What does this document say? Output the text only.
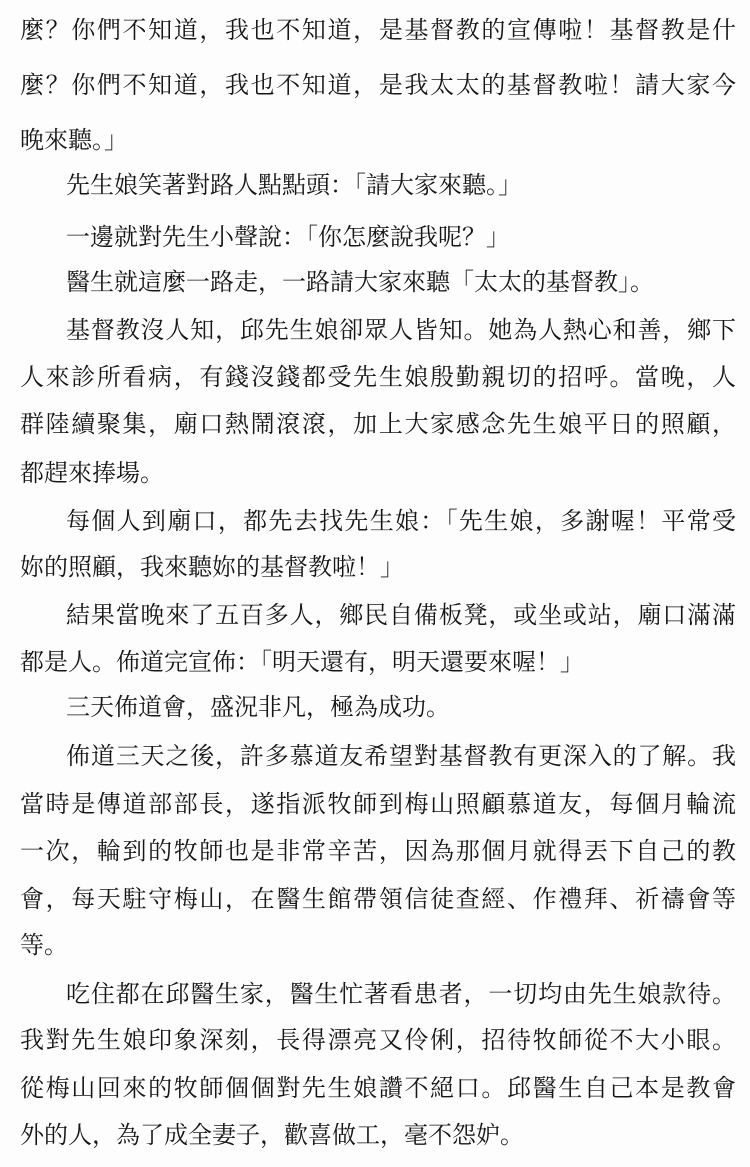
麼？你們不知道，我也不知道，是基督教的宣傳啦！基督教是什
麼？你們不知道，我也不知道，是我太太的基督教啦！請大家今
晚來聽。」
先生娘笑著對路人點點頭：「請大家來聽。」
一邊就對先生小聲說：「你怎麼說我呢？」
醫生就這麼一路走，一路請大家來聽「太太的基督教」。
基督教沒人知，邱先生娘卻眾人皆知。她為人熱心和善，鄉下
人來診所看病，有錢沒錢都受先生娘殷勤親切的招呼。當晚，人
群陸續聚集，廟口熱鬧滾滾，加上大家感念先生娘平日的照顧，
都趕來捧場。
每個人到廟口，都先去找先生娘：「先生娘，多謝喔！平常受
妳的照顧，我來聽妳的基督教啦！」
結果當晚來了五百多人，鄉民自備板凳，或坐或站，廟口滿滿
都是人。佈道完宣佈：「明天還有，明天還要來喔！」
三天佈道會，盛況非凡，極為成功。
佈道三天之後，許多慕道友希望對基督教有更深入的了解。我
當時是傳道部部長，遂指派牧師到梅山照顧慕道友，每個月輪流
一次，輪到的牧師也是非常辛苦，因為那個月就得丟下自己的教
會，每天駐守梅山，在醫生館帶領信徒查經、作禮拜、祈禱會等
等。
吃住都在邱醫生家，醫生忙著看患者，一切均由先生娘款待。
我對先生娘印象深刻，長得漂亮又伶俐，招待牧師從不大小眼。
從梅山回來的牧師個個對先生娘讚不絕口。邱醫生自己本是教會
外的人，為了成全妻子，歡喜做工，毫不怨妒。
